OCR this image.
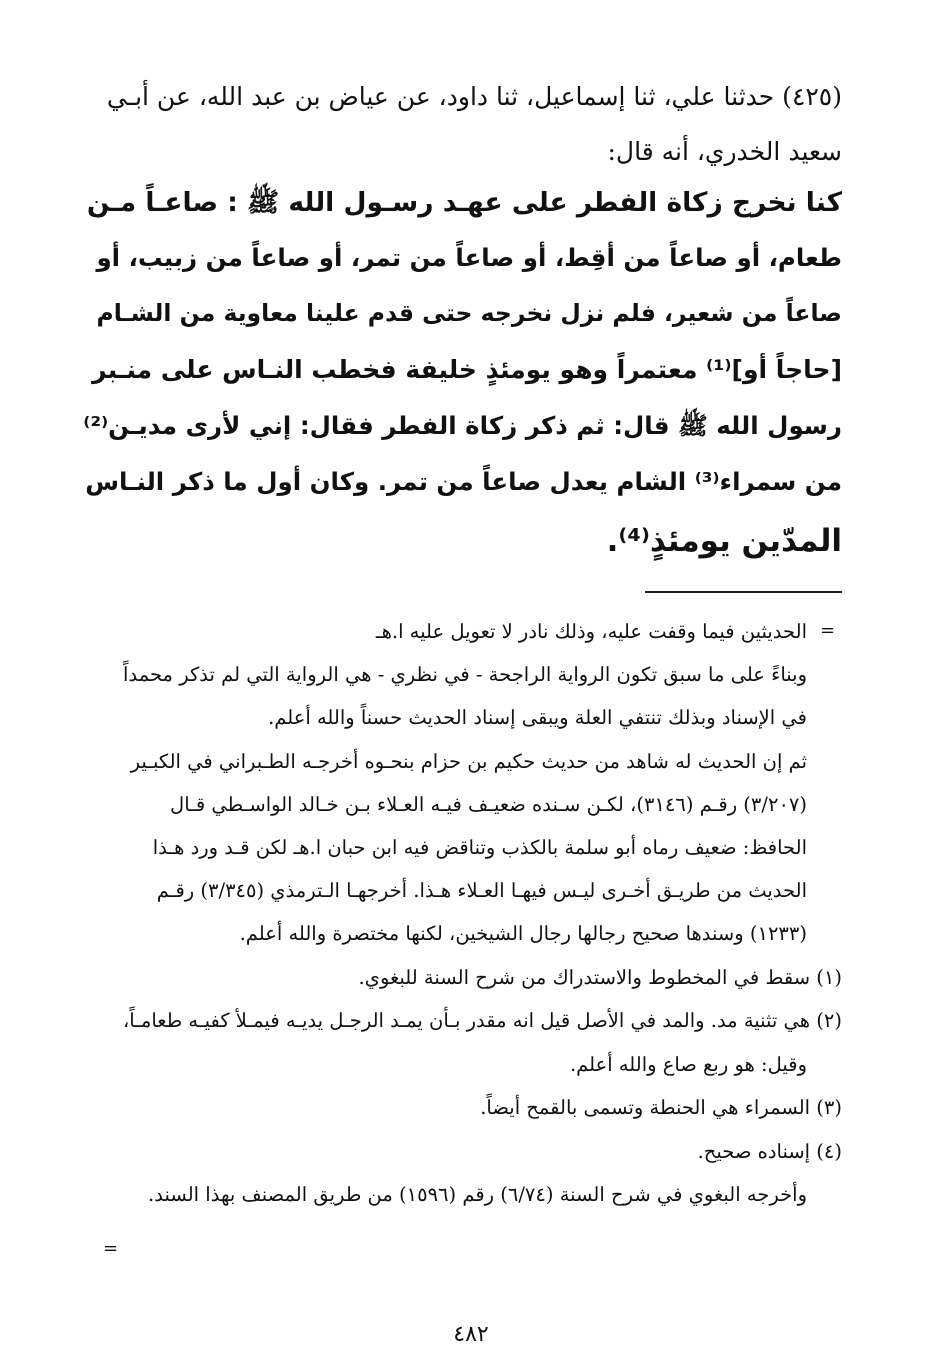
(٤٢٥) حدثنا علي، ثنا إسماعيل، ثنا داود، عن عياض بن عبد الله، عن أبـي
سعيد الخدري، أنه قال:
كنا نخرج زكاة الفطر على عهـد رسـول الله ﷺ : صاعـاً مـن
طعام، أو صاعاً من أقِط، أو صاعاً من تمر، أو صاعاً من زبيب، أو
صاعاً من شعير، فلم نزل نخرجه حتى قدم علينا معاوية من الشـام
[حاجاً أو]⁽¹⁾ معتمراً وهو يومئذٍ خليفة فخطب النـاس على منـبر
رسول الله ﷺ قال: ثم ذكر زكاة الفطر فقال: إني لأرى مديـن⁽²⁾
من سمراء⁽³⁾ الشام يعدل صاعاً من تمر. وكان أول ما ذكر النـاس
المدّين يومئذٍ⁽⁴⁾.
=
الحديثين فيما وقفت عليه، وذلك نادر لا تعويل عليه ا.هـ
وبناءً على ما سبق تكون الرواية الراجحة - في نظري - هي الرواية التي لم تذكر محمداً
في الإسناد وبذلك تنتفي العلة ويبقى إسناد الحديث حسناً والله أعلم.
ثم إن الحديث له شاهد من حديث حكيم بن حزام بنحـوه أخرجـه الطـبراني في الكبـير
(٣/٢٠٧) رقـم (٣١٤٦)، لكـن سـنده ضعيـف فيـه العـلاء بـن خـالد الواسـطي قـال
الحافظ: ضعيف رماه أبو سلمة بالكذب وتناقض فيه ابن حبان ا.هـ لكن قـد ورد هـذا
الحديث من طريـق أخـرى ليـس فيهـا العـلاء هـذا. أخرجهـا الـترمذي (٣/٣٤٥) رقـم
(١٢٣٣) وسندها صحيح رجالها رجال الشيخين، لكنها مختصرة والله أعلم.
(١) سقط في المخطوط والاستدراك من شرح السنة للبغوي.
(٢) هي تثنية مد. والمد في الأصل قيل انه مقدر بـأن يمـد الرجـل يديـه فيمـلأ كفيـه طعامـاً،
وقيل: هو ربع صاع والله أعلم.
(٣) السمراء هي الحنطة وتسمى بالقمح أيضاً.
(٤) إسناده صحيح.
وأخرجه البغوي في شرح السنة (٦/٧٤) رقم (١٥٩٦) من طريق المصنف بهذا السند.
=
٤٨٢
